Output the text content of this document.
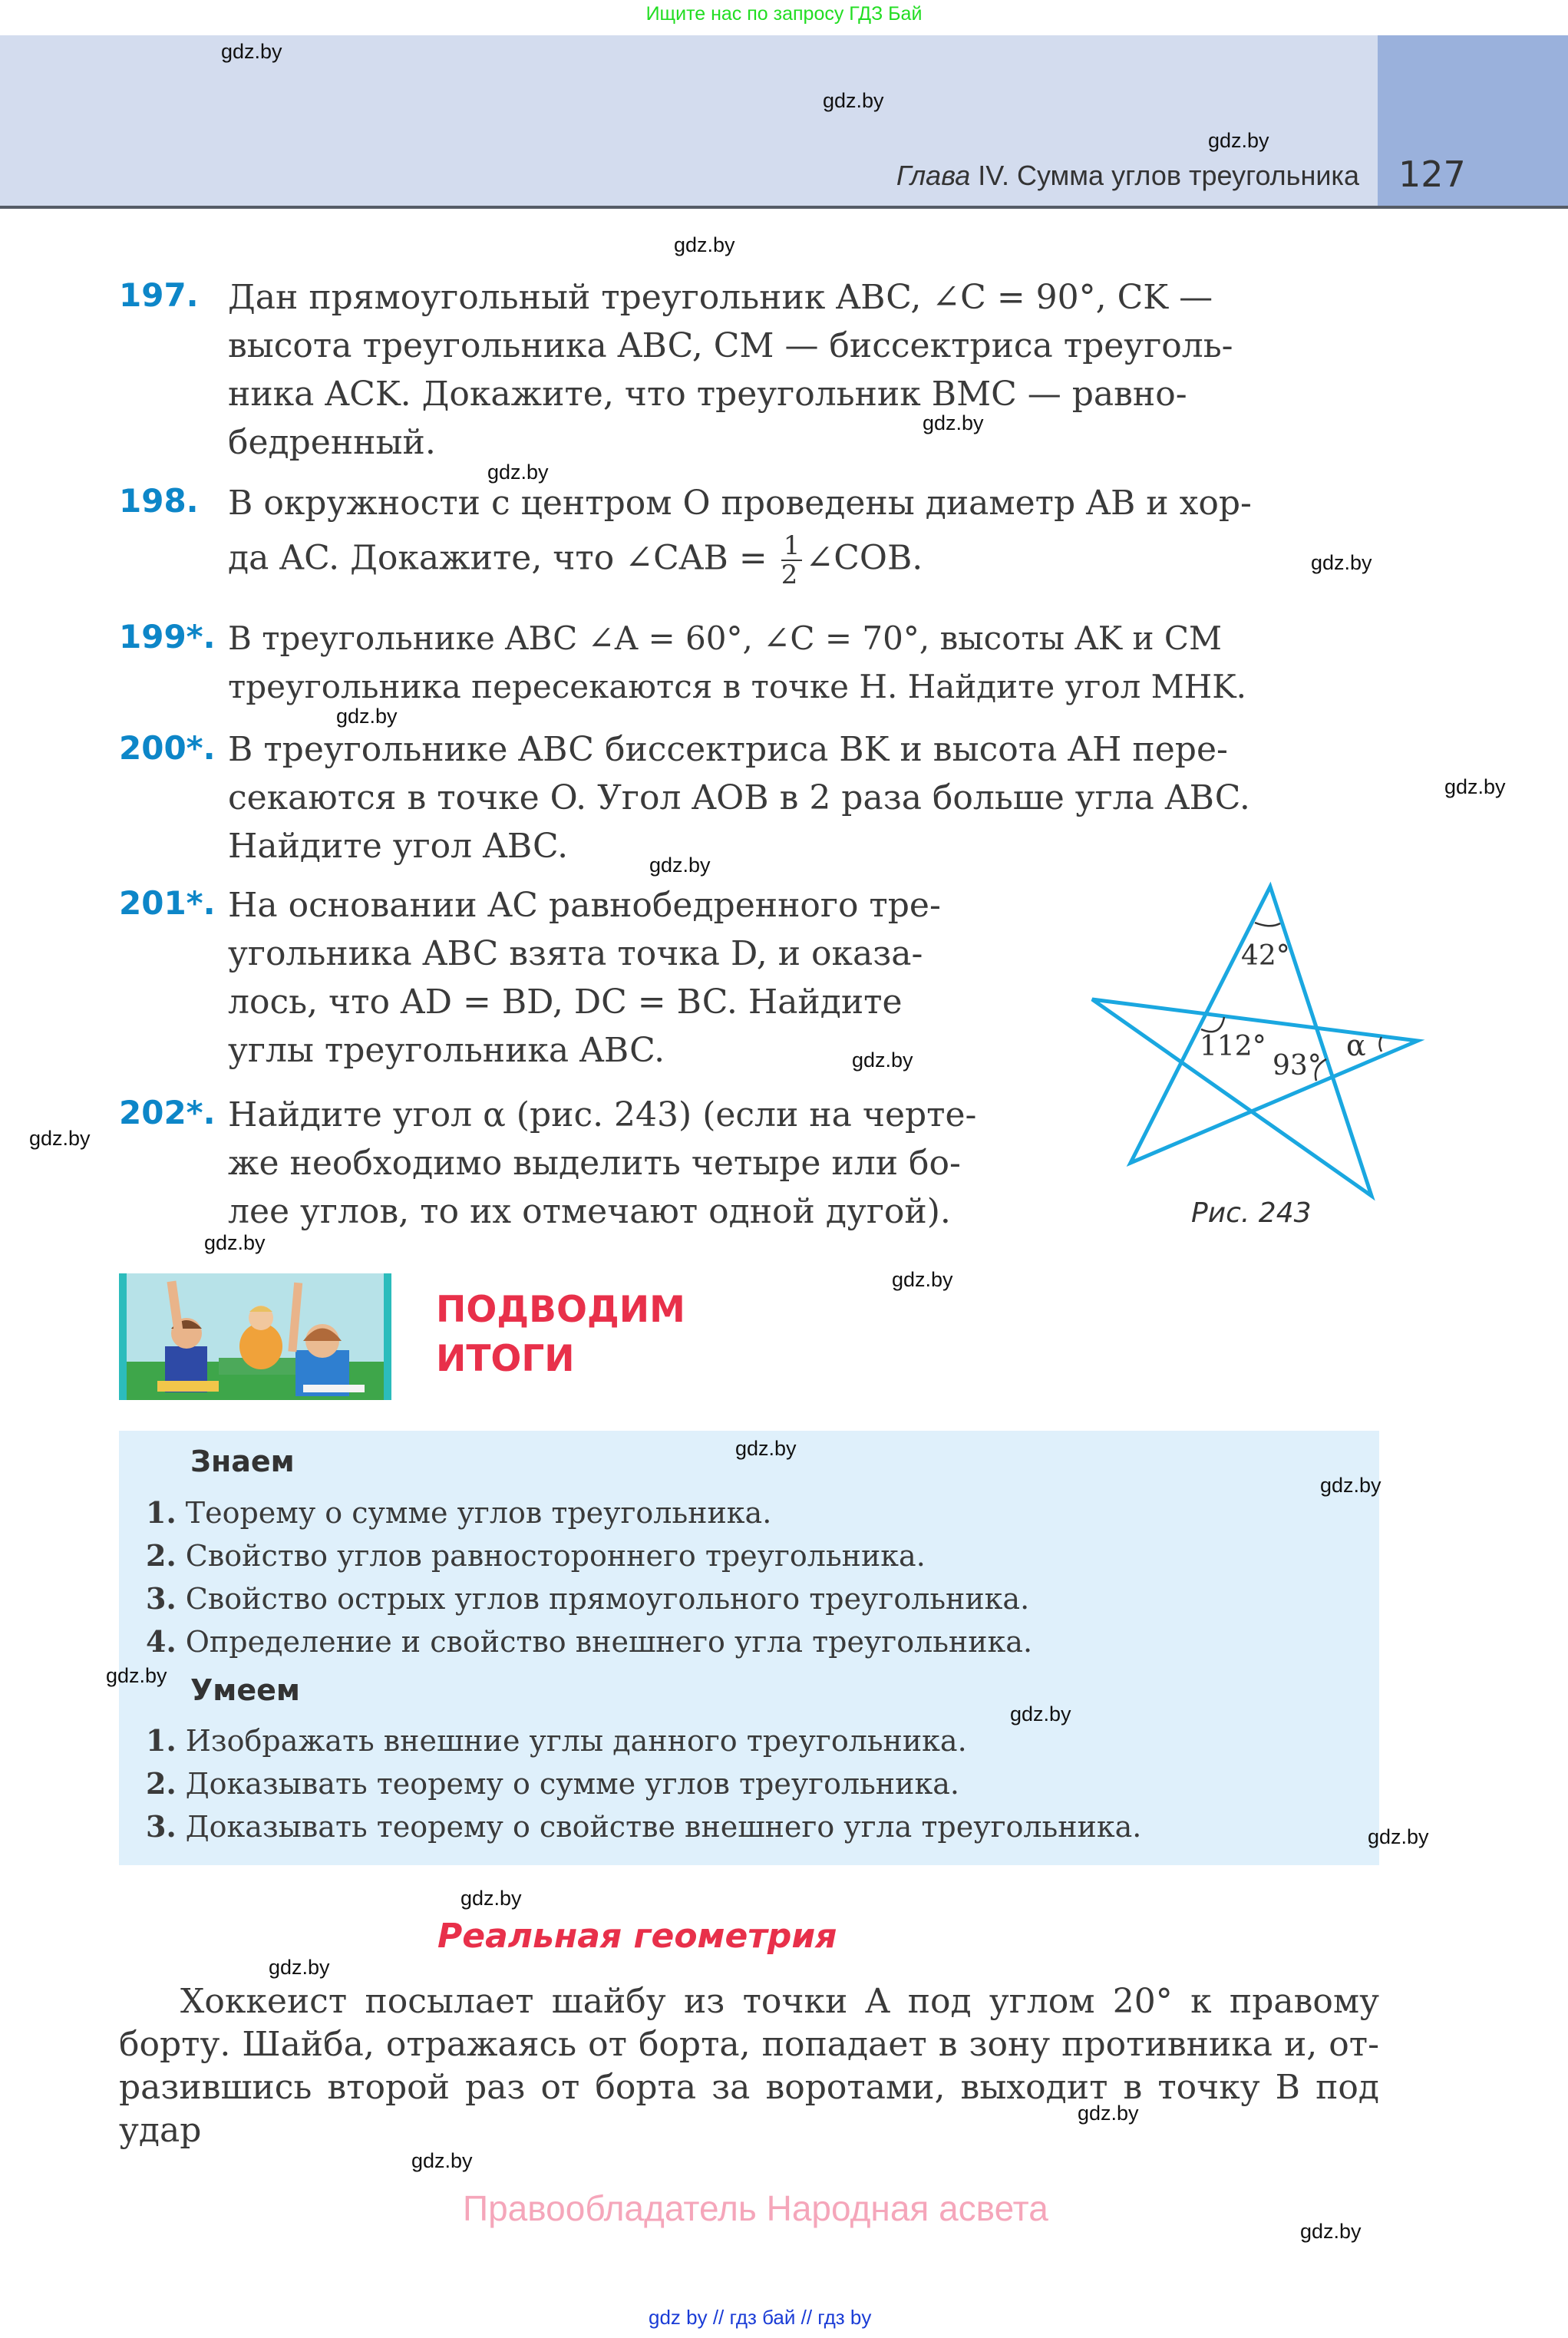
Ищите нас по запросу ГДЗ Бай
Глава IV. Сумма углов треугольника 127
197. Дан прямоугольный треугольник ABC, ∠C = 90°, CK —
высота треугольника ABC, CM — биссектриса треуголь-
ника ACK. Докажите, что треугольник BMC — равно-
бедренный.
198. В окружности с центром O проведены диаметр AB и хор-
да AC. Докажите, что ∠CAB = $\frac{1}{2}$ ∠COB.
199*. В треугольнике ABC ∠A = 60°, ∠C = 70°, высоты AK и CM
треугольника пересекаются в точке H. Найдите угол MHK.
200*. В треугольнике ABC биссектриса BK и высота AH пере-
секаются в точке O. Угол AOB в 2 раза больше угла ABC.
Найдите угол ABC.
201*. На основании AC равнобедренного тре-
угольника ABC взята точка D, и оказа-
лось, что AD = BD, DC = BC. Найдите
углы треугольника ABC.
202*. Найдите угол α (рис. 243) (если на черте-
же необходимо выделить четыре или бо-
лее углов, то их отмечают одной дугой).
42°
112°
93°
α
Рис. 243
ПОДВОДИМ
ИТОГИ
Знаем
1. Теорему о сумме углов треугольника.
2. Свойство углов равностороннего треугольника.
3. Свойство острых углов прямоугольного треугольника.
4. Определение и свойство внешнего угла треугольника.
Умеем
1. Изображать внешние углы данного треугольника.
2. Доказывать теорему о сумме углов треугольника.
3. Доказывать теорему о свойстве внешнего угла треугольника.
Реальная геометрия
Хоккеист посылает шайбу из точки A под углом 20° к правому
борту. Шайба, отражаясь от борта, попадает в зону противника и, от-
разившись второй раз от борта за воротами, выходит в точку B под удар
Правообладатель Народная асвета
gdz by // гдз бай // гдз by
gdz.by
gdz.by
gdz.by
gdz.by
gdz.by
gdz.by
gdz.by
gdz.by
gdz.by
gdz.by
gdz.by
gdz.by
gdz.by
gdz.by
gdz.by
gdz.by
gdz.by
gdz.by
gdz.by
gdz.by
gdz.by
gdz.by
gdz.by
gdz.by
